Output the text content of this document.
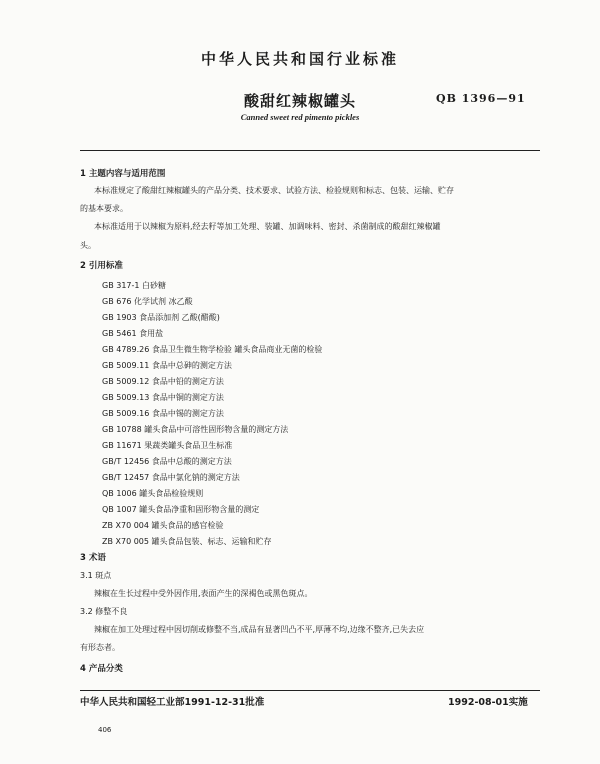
中华人民共和国行业标准
酸甜红辣椒罐头	QB 1396—91
Canned sweet red pimento pickles
1 主题内容与适用范围
本标准规定了酸甜红辣椒罐头的产品分类、技术要求、试验方法、检验规则和标志、包装、运输、贮存
的基本要求。
本标准适用于以辣椒为原料,经去籽等加工处理、装罐、加调味料、密封、杀菌制成的酸甜红辣椒罐
头。
2 引用标准
GB 317-1 白砂糖
GB 676 化学试剂 冰乙酸
GB 1903 食品添加剂 乙酸(醋酸)
GB 5461 食用盐
GB 4789.26 食品卫生微生物学检验 罐头食品商业无菌的检验
GB 5009.11 食品中总砷的测定方法
GB 5009.12 食品中铅的测定方法
GB 5009.13 食品中铜的测定方法
GB 5009.16 食品中锡的测定方法
GB 10788 罐头食品中可溶性固形物含量的测定方法
GB 11671 果蔬类罐头食品卫生标准
GB/T 12456 食品中总酸的测定方法
GB/T 12457 食品中氯化钠的测定方法
QB 1006 罐头食品检验规则
QB 1007 罐头食品净重和固形物含量的测定
ZB X70 004 罐头食品的感官检验
ZB X70 005 罐头食品包装、标志、运输和贮存
3 术语
3.1 斑点
辣椒在生长过程中受外因作用,表面产生的深褐色或黑色斑点。
3.2 修整不良
辣椒在加工处理过程中因切削或修整不当,成品有显著凹凸不平,厚薄不均,边缘不整齐,已失去应
有形态者。
中华人民共和国轻工业部1991-12-31批准	1992-08-01实施
406
4 产品分类
